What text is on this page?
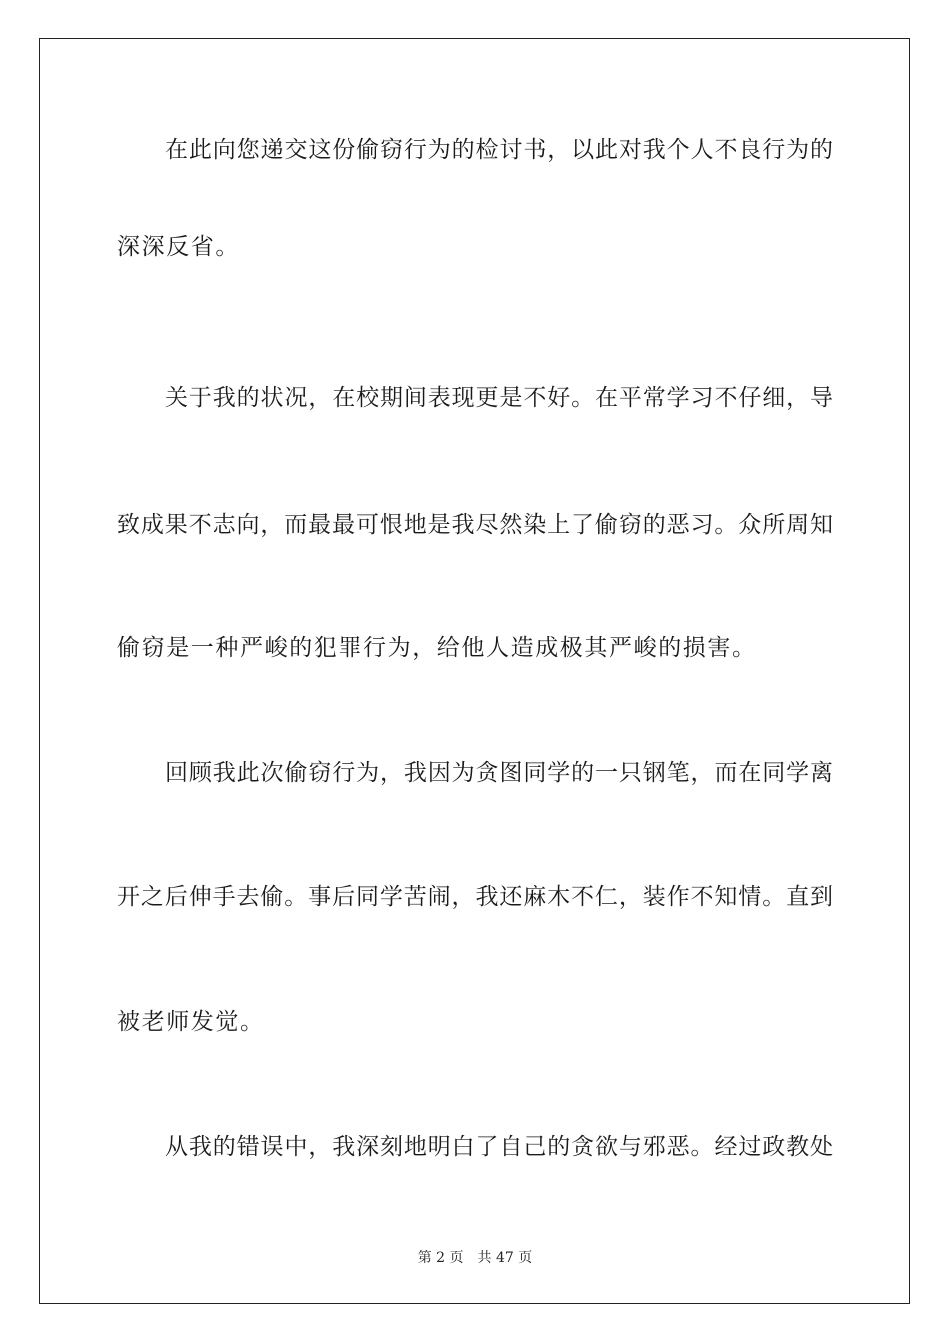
在此向您递交这份偷窃行为的检讨书，以此对我个人不良行为的
深深反省。
关于我的状况，在校期间表现更是不好。在平常学习不仔细，导
致成果不志向，而最最可恨地是我尽然染上了偷窃的恶习。众所周知
偷窃是一种严峻的犯罪行为，给他人造成极其严峻的损害。
回顾我此次偷窃行为，我因为贪图同学的一只钢笔，而在同学离
开之后伸手去偷。事后同学苦闹，我还麻木不仁，装作不知情。直到
被老师发觉。
从我的错误中，我深刻地明白了自己的贪欲与邪恶。经过政教处
第 2 页 共 47 页
